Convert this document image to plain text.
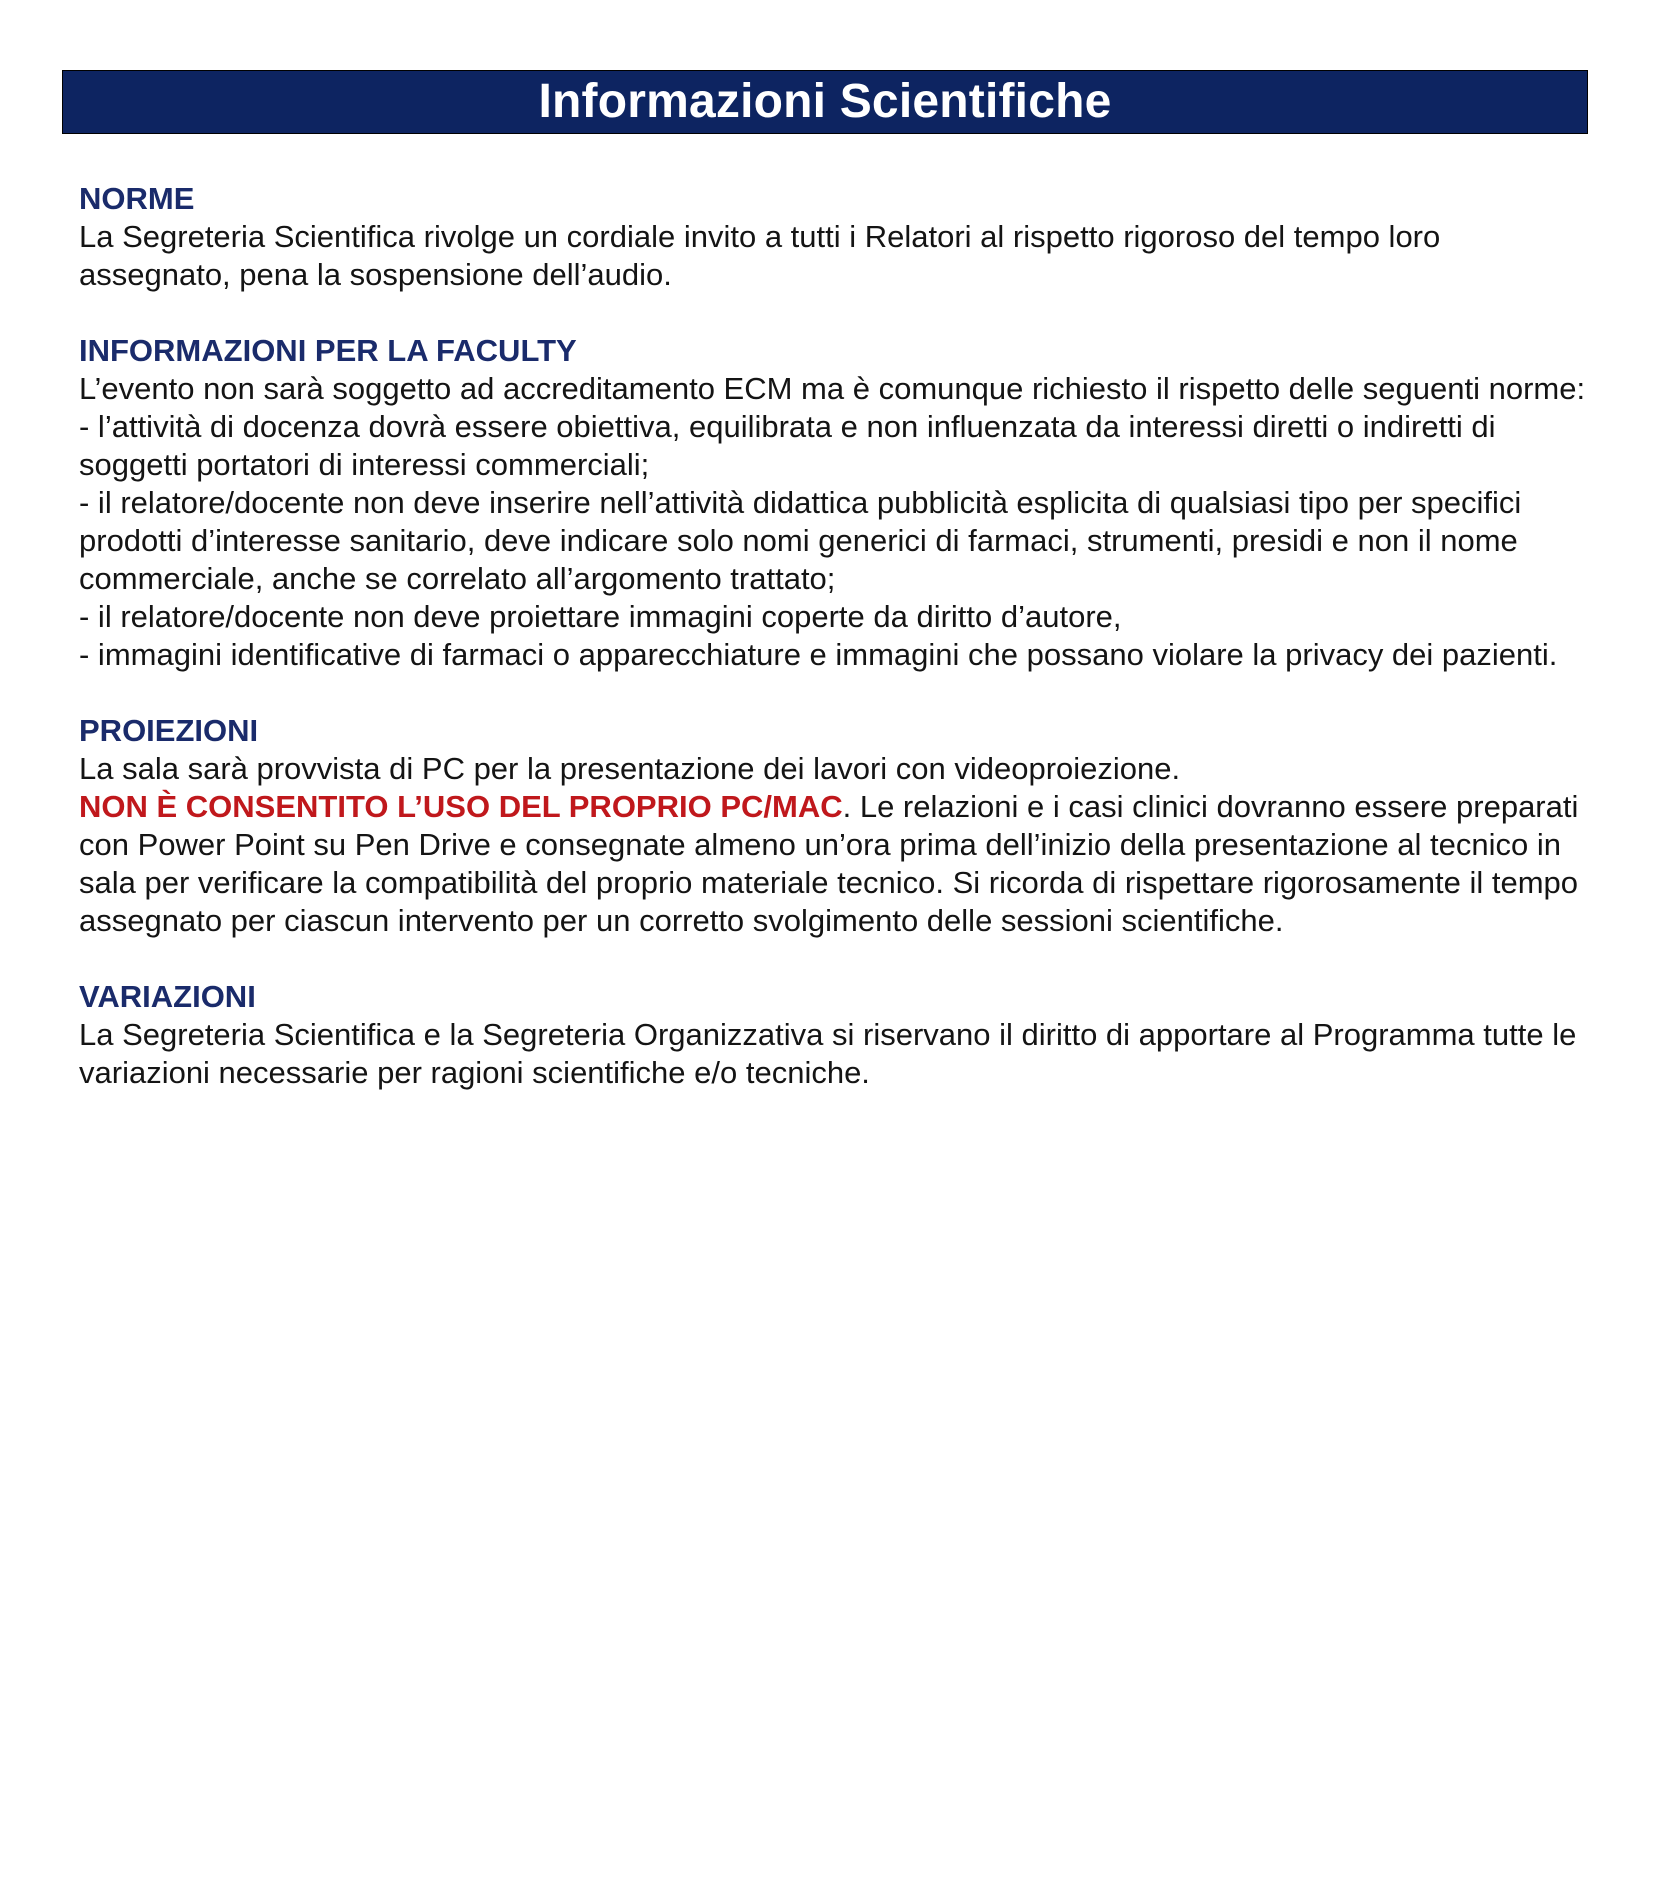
Informazioni Scientifiche
NORME

La Segreteria Scientifica rivolge un cordiale invito a tutti i Relatori al rispetto rigoroso del tempo loro assegnato, pena la sospensione dell’audio.

INFORMAZIONI PER LA FACULTY

L’evento non sarà soggetto ad accreditamento ECM ma è comunque richiesto il rispetto delle seguenti norme:

- l’attività di docenza dovrà essere obiettiva, equilibrata e non influenzata da interessi diretti o indiretti di soggetti portatori di interessi commerciali;

- il relatore/docente non deve inserire nell’attività didattica pubblicità esplicita di qualsiasi tipo per specifici prodotti d’interesse sanitario, deve indicare solo nomi generici di farmaci, strumenti, presidi e non il nome commerciale, anche se correlato all’argomento trattato;

- il relatore/docente non deve proiettare immagini coperte da diritto d’autore,

- immagini identificative di farmaci o apparecchiature e immagini che possano violare la privacy dei pazienti.

PROIEZIONI

La sala sarà provvista di PC per la presentazione dei lavori con videoproiezione.

NON È CONSENTITO L’USO DEL PROPRIO PC/MAC. Le relazioni e i casi clinici dovranno essere preparati con Power Point su Pen Drive e consegnate almeno un’ora prima dell’inizio della presentazione al tecnico in sala per verificare la compatibilità del proprio materiale tecnico. Si ricorda di rispettare rigorosamente il tempo assegnato per ciascun intervento per un corretto svolgimento delle sessioni scientifiche.

VARIAZIONI

La Segreteria Scientifica e la Segreteria Organizzativa si riservano il diritto di apportare al Programma tutte le variazioni necessarie per ragioni scientifiche e/o tecniche.
